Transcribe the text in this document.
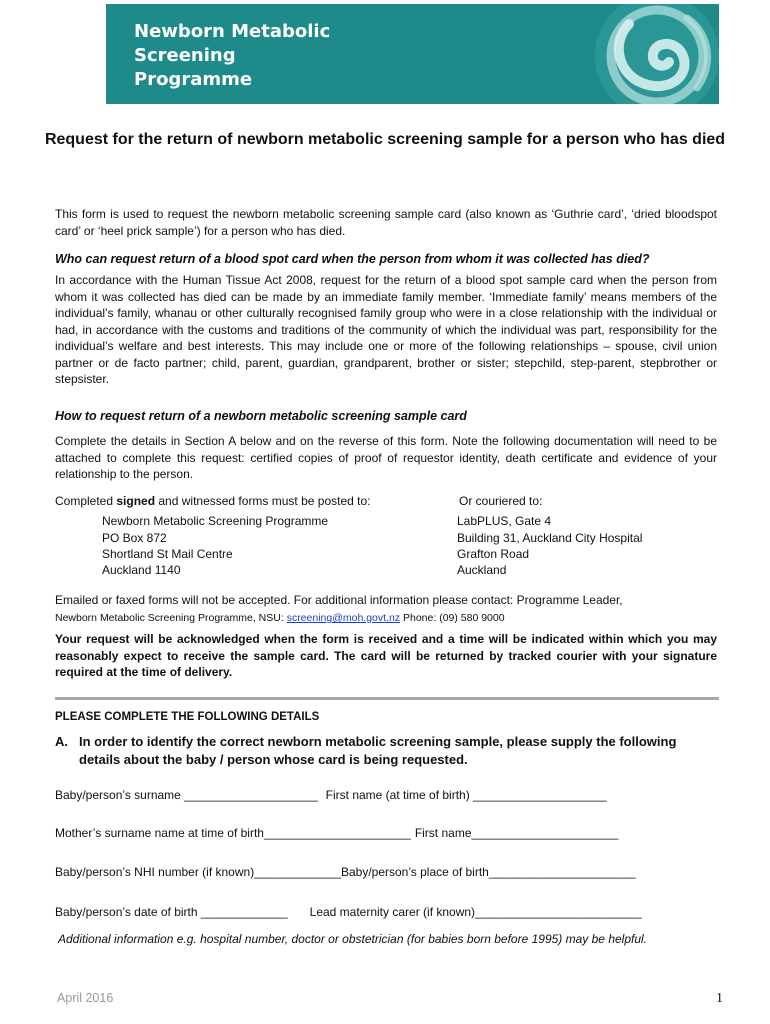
Newborn Metabolic
Screening
Programme
Request for the return of newborn metabolic screening sample for a person who has died

This form is used to request the newborn metabolic screening sample card (also known as ‘Guthrie card’, ‘dried bloodspot card’ or ‘heel prick sample’) for a person who has died.

Who can request return of a blood spot card when the person from whom it was collected has died?

In accordance with the Human Tissue Act 2008, request for the return of a blood spot sample card when the person from whom it was collected has died can be made by an immediate family member. ‘Immediate family’ means members of the individual’s family, whanau or other culturally recognised family group who were in a close relationship with the individual or had, in accordance with the customs and traditions of the community of which the individual was part, responsibility for the individual’s welfare and best interests. This may include one or more of the following relationships – spouse, civil union partner or de facto partner; child, parent, guardian, grandparent, brother or sister; stepchild, step-parent, stepbrother or stepsister.

How to request return of a newborn metabolic screening sample card

Complete the details in Section A below and on the reverse of this form. Note the following documentation will need to be attached to complete this request: certified copies of proof of requestor identity, death certificate and evidence of your relationship to the person.

Completed signed and witnessed forms must be posted to:
Newborn Metabolic Screening Programme
PO Box 872
Shortland St Mail Centre
Auckland 1140
Or couriered to:
LabPLUS, Gate 4
Building 31, Auckland City Hospital
Grafton Road
Auckland

Emailed or faxed forms will not be accepted. For additional information please contact: Programme Leader,

Newborn Metabolic Screening Programme, NSU: screening@moh.govt.nz Phone: (09) 580 9000

Your request will be acknowledged when the form is received and a time will be indicated within which you may reasonably expect to receive the sample card. The card will be returned by tracked courier with your signature required at the time of delivery.

PLEASE COMPLETE THE FOLLOWING DETAILS

A. In order to identify the correct newborn metabolic screening sample, please supply the following details about the baby / person whose card is being requested.

Baby/person’s surname ____________________ First name (at time of birth) ____________________

Mother’s surname name at time of birth______________________ First name______________________

Baby/person’s NHI number (if known)_____________Baby/person’s place of birth______________________

Baby/person’s date of birth _____________ Lead maternity carer (if known)_________________________

Additional information e.g. hospital number, doctor or obstetrician (for babies born before 1995) may be helpful.

April 2016	1
